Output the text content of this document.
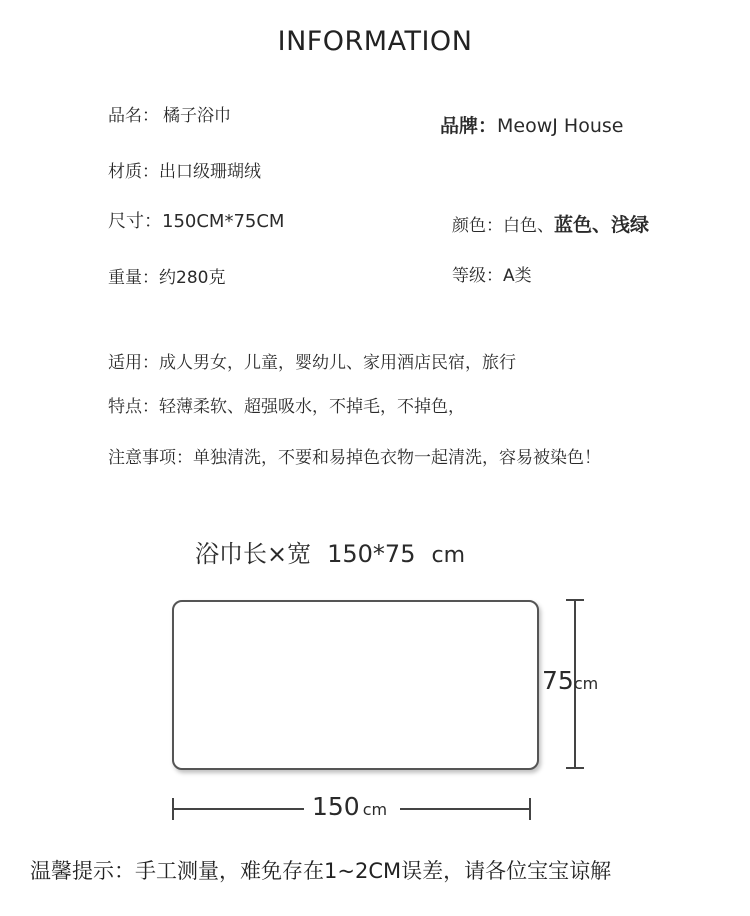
INFORMATION
品名： 橘子浴巾	品牌：MeowJ House
材质：出口级珊瑚绒
尺寸：150CM*75CM	颜色：白色、蓝色、浅绿
重量：约280克	等级：A类
适用：成人男女，儿童，婴幼儿、家用酒店民宿，旅行
特点：轻薄柔软、超强吸水，不掉毛，不掉色，
注意事项：单独清洗，不要和易掉色衣物一起清洗，容易被染色！
浴巾长×宽 150*75 cm
75cm
150 cm
温馨提示：手工测量，难免存在1~2CM误差，请各位宝宝谅解
